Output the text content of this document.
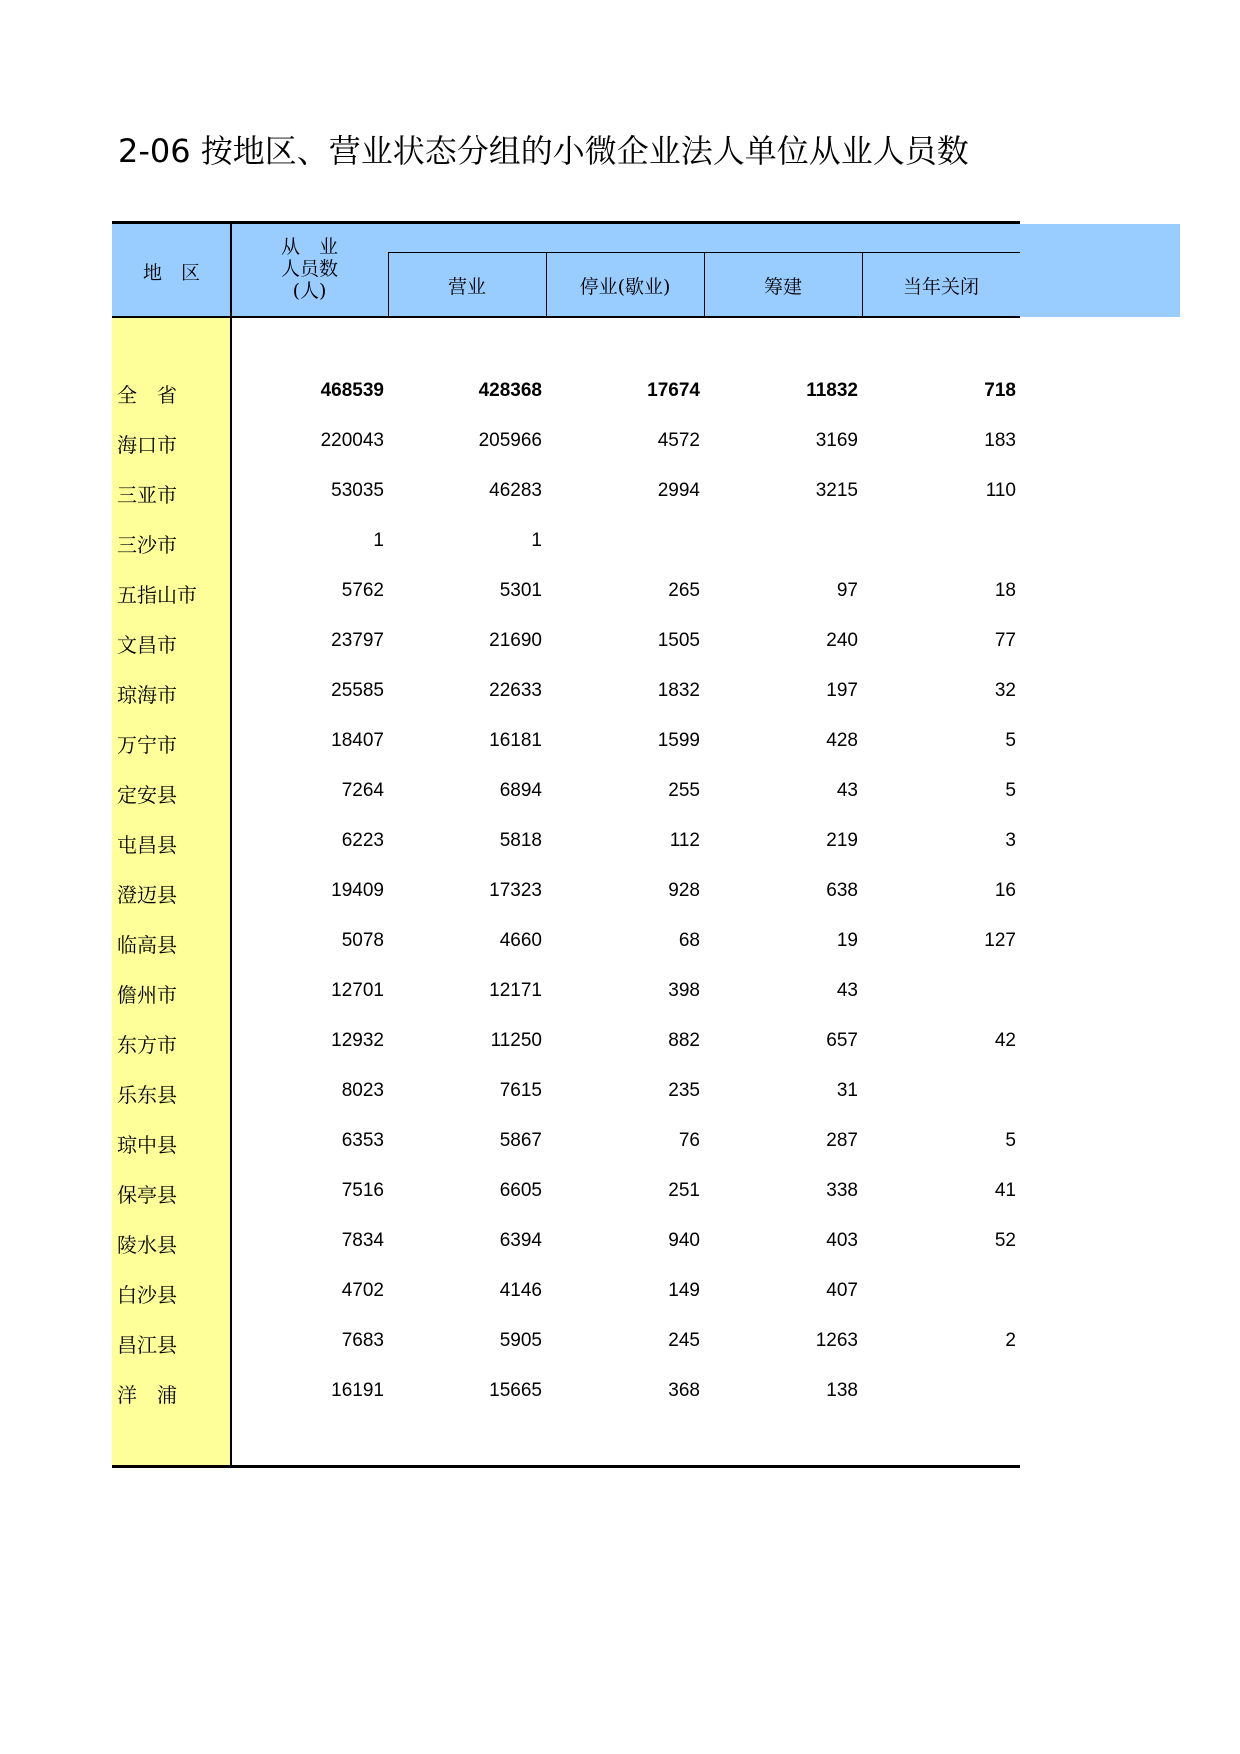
2-06 按地区、营业状态分组的小微企业法人单位从业人员数
地　区
从　业
人员数
(人)	营业	停业(歇业)	筹建	当年关闭
全　省	468539	428368	17674	11832	718
海口市	220043	205966	4572	3169	183
三亚市	53035	46283	2994	3215	110
三沙市	1	1
五指山市	5762	5301	265	97	18
文昌市	23797	21690	1505	240	77
琼海市	25585	22633	1832	197	32
万宁市	18407	16181	1599	428	5
定安县	7264	6894	255	43	5
屯昌县	6223	5818	112	219	3
澄迈县	19409	17323	928	638	16
临高县	5078	4660	68	19	127
儋州市	12701	12171	398	43
东方市	12932	11250	882	657	42
乐东县	8023	7615	235	31
琼中县	6353	5867	76	287	5
保亭县	7516	6605	251	338	41
陵水县	7834	6394	940	403	52
白沙县	4702	4146	149	407
昌江县	7683	5905	245	1263	2
洋　浦	16191	15665	368	138
